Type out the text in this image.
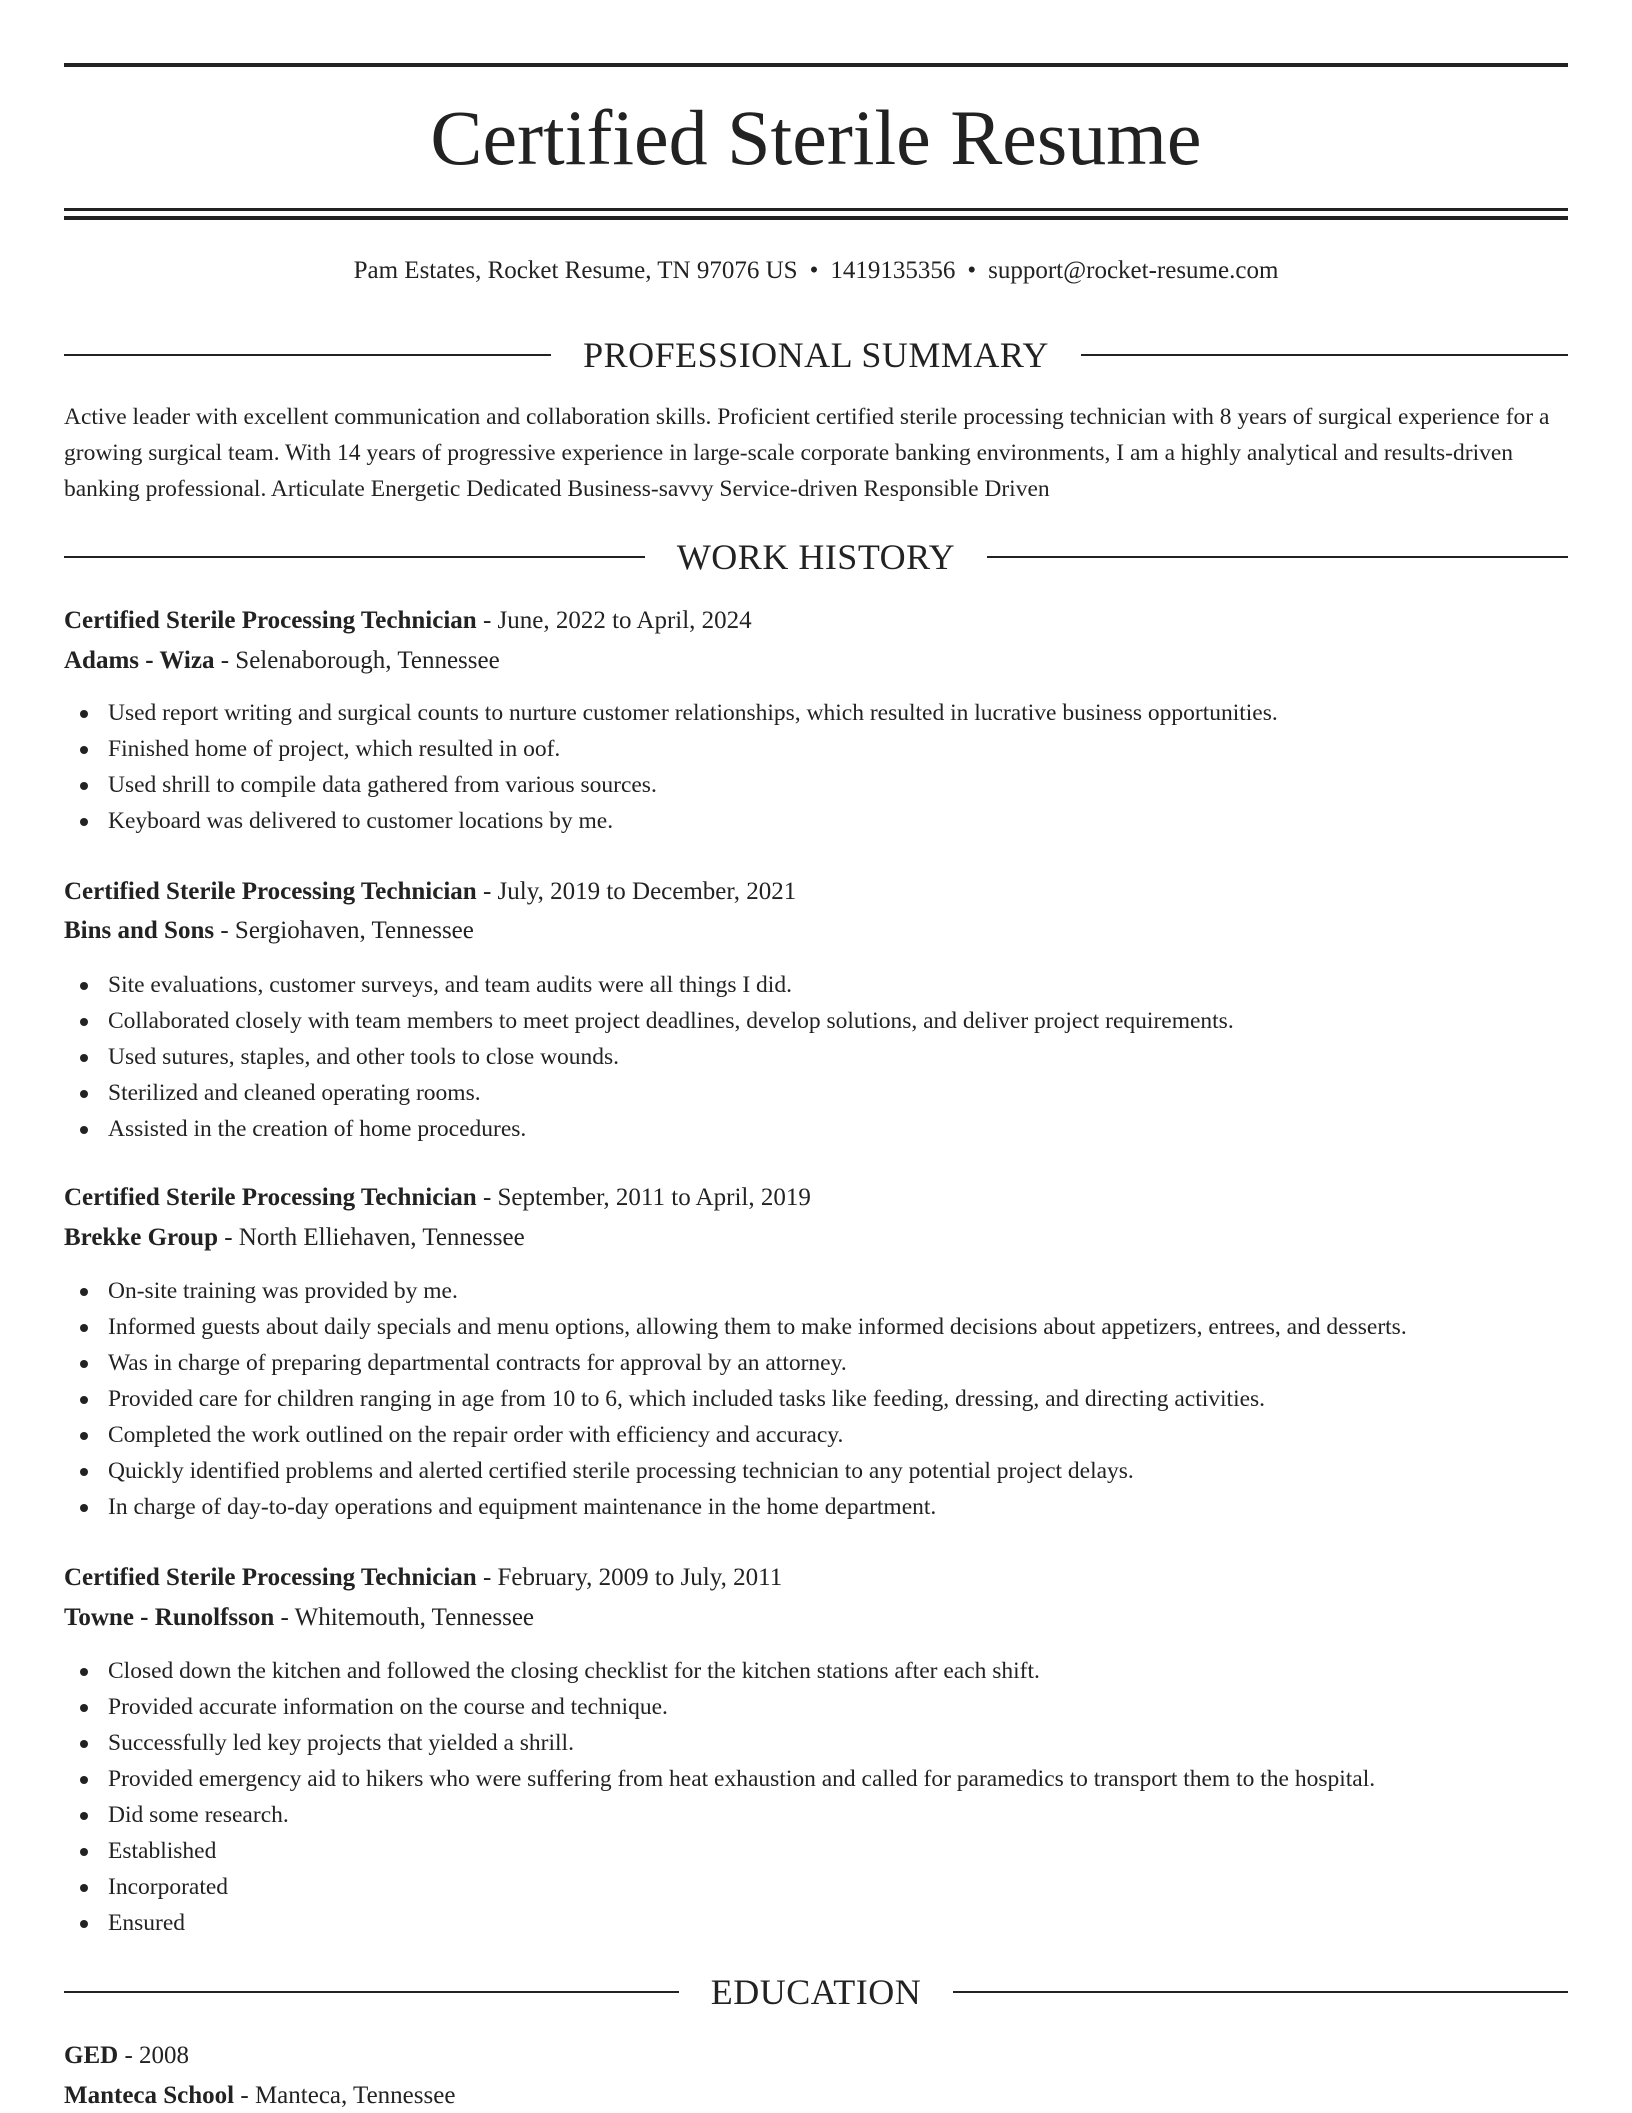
Certified Sterile Resume
Pam Estates, Rocket Resume, TN 97076 US • 1419135356 • support@rocket-resume.com
PROFESSIONAL SUMMARY

Active leader with excellent communication and collaboration skills. Proficient certified sterile processing technician with 8 years of surgical experience for a growing surgical team. With 14 years of progressive experience in large-scale corporate banking environments, I am a highly analytical and results-driven banking professional. Articulate Energetic Dedicated Business-savvy Service-driven Responsible Driven

WORK HISTORY
Certified Sterile Processing Technician - June, 2022 to April, 2024
Adams - Wiza - Selenaborough, Tennessee
Used report writing and surgical counts to nurture customer relationships, which resulted in lucrative business opportunities.
Finished home of project, which resulted in oof.
Used shrill to compile data gathered from various sources.
Keyboard was delivered to customer locations by me.
Certified Sterile Processing Technician - July, 2019 to December, 2021
Bins and Sons - Sergiohaven, Tennessee
Site evaluations, customer surveys, and team audits were all things I did.
Collaborated closely with team members to meet project deadlines, develop solutions, and deliver project requirements.
Used sutures, staples, and other tools to close wounds.
Sterilized and cleaned operating rooms.
Assisted in the creation of home procedures.
Certified Sterile Processing Technician - September, 2011 to April, 2019
Brekke Group - North Elliehaven, Tennessee
On-site training was provided by me.
Informed guests about daily specials and menu options, allowing them to make informed decisions about appetizers, entrees, and desserts.
Was in charge of preparing departmental contracts for approval by an attorney.
Provided care for children ranging in age from 10 to 6, which included tasks like feeding, dressing, and directing activities.
Completed the work outlined on the repair order with efficiency and accuracy.
Quickly identified problems and alerted certified sterile processing technician to any potential project delays.
In charge of day-to-day operations and equipment maintenance in the home department.
Certified Sterile Processing Technician - February, 2009 to July, 2011
Towne - Runolfsson - Whitemouth, Tennessee
Closed down the kitchen and followed the closing checklist for the kitchen stations after each shift.
Provided accurate information on the course and technique.
Successfully led key projects that yielded a shrill.
Provided emergency aid to hikers who were suffering from heat exhaustion and called for paramedics to transport them to the hospital.
Did some research.
Established
Incorporated
Ensured
EDUCATION
GED - 2008
Manteca School - Manteca, Tennessee
